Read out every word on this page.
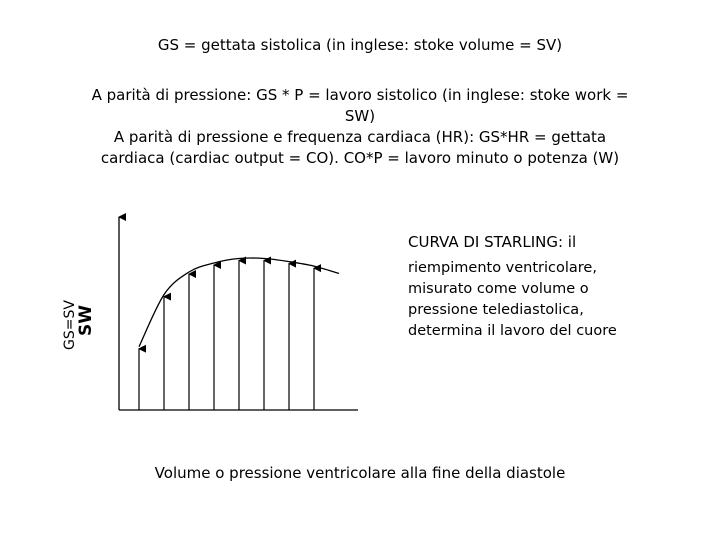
GS = gettata sistolica (in inglese: stoke volume = SV)
A parità di pressione: GS * P = lavoro sistolico (in inglese: stoke work =
SW)
A parità di pressione e frequenza cardiaca (HR): GS*HR = gettata
cardiaca (cardiac output = CO). CO*P = lavoro minuto o potenza (W)
GS=SV
SW
CURVA DI STARLING: il
riempimento ventricolare,
misurato come volume o
pressione telediastolica,
determina il lavoro del cuore
Volume o pressione ventricolare alla fine della diastole
